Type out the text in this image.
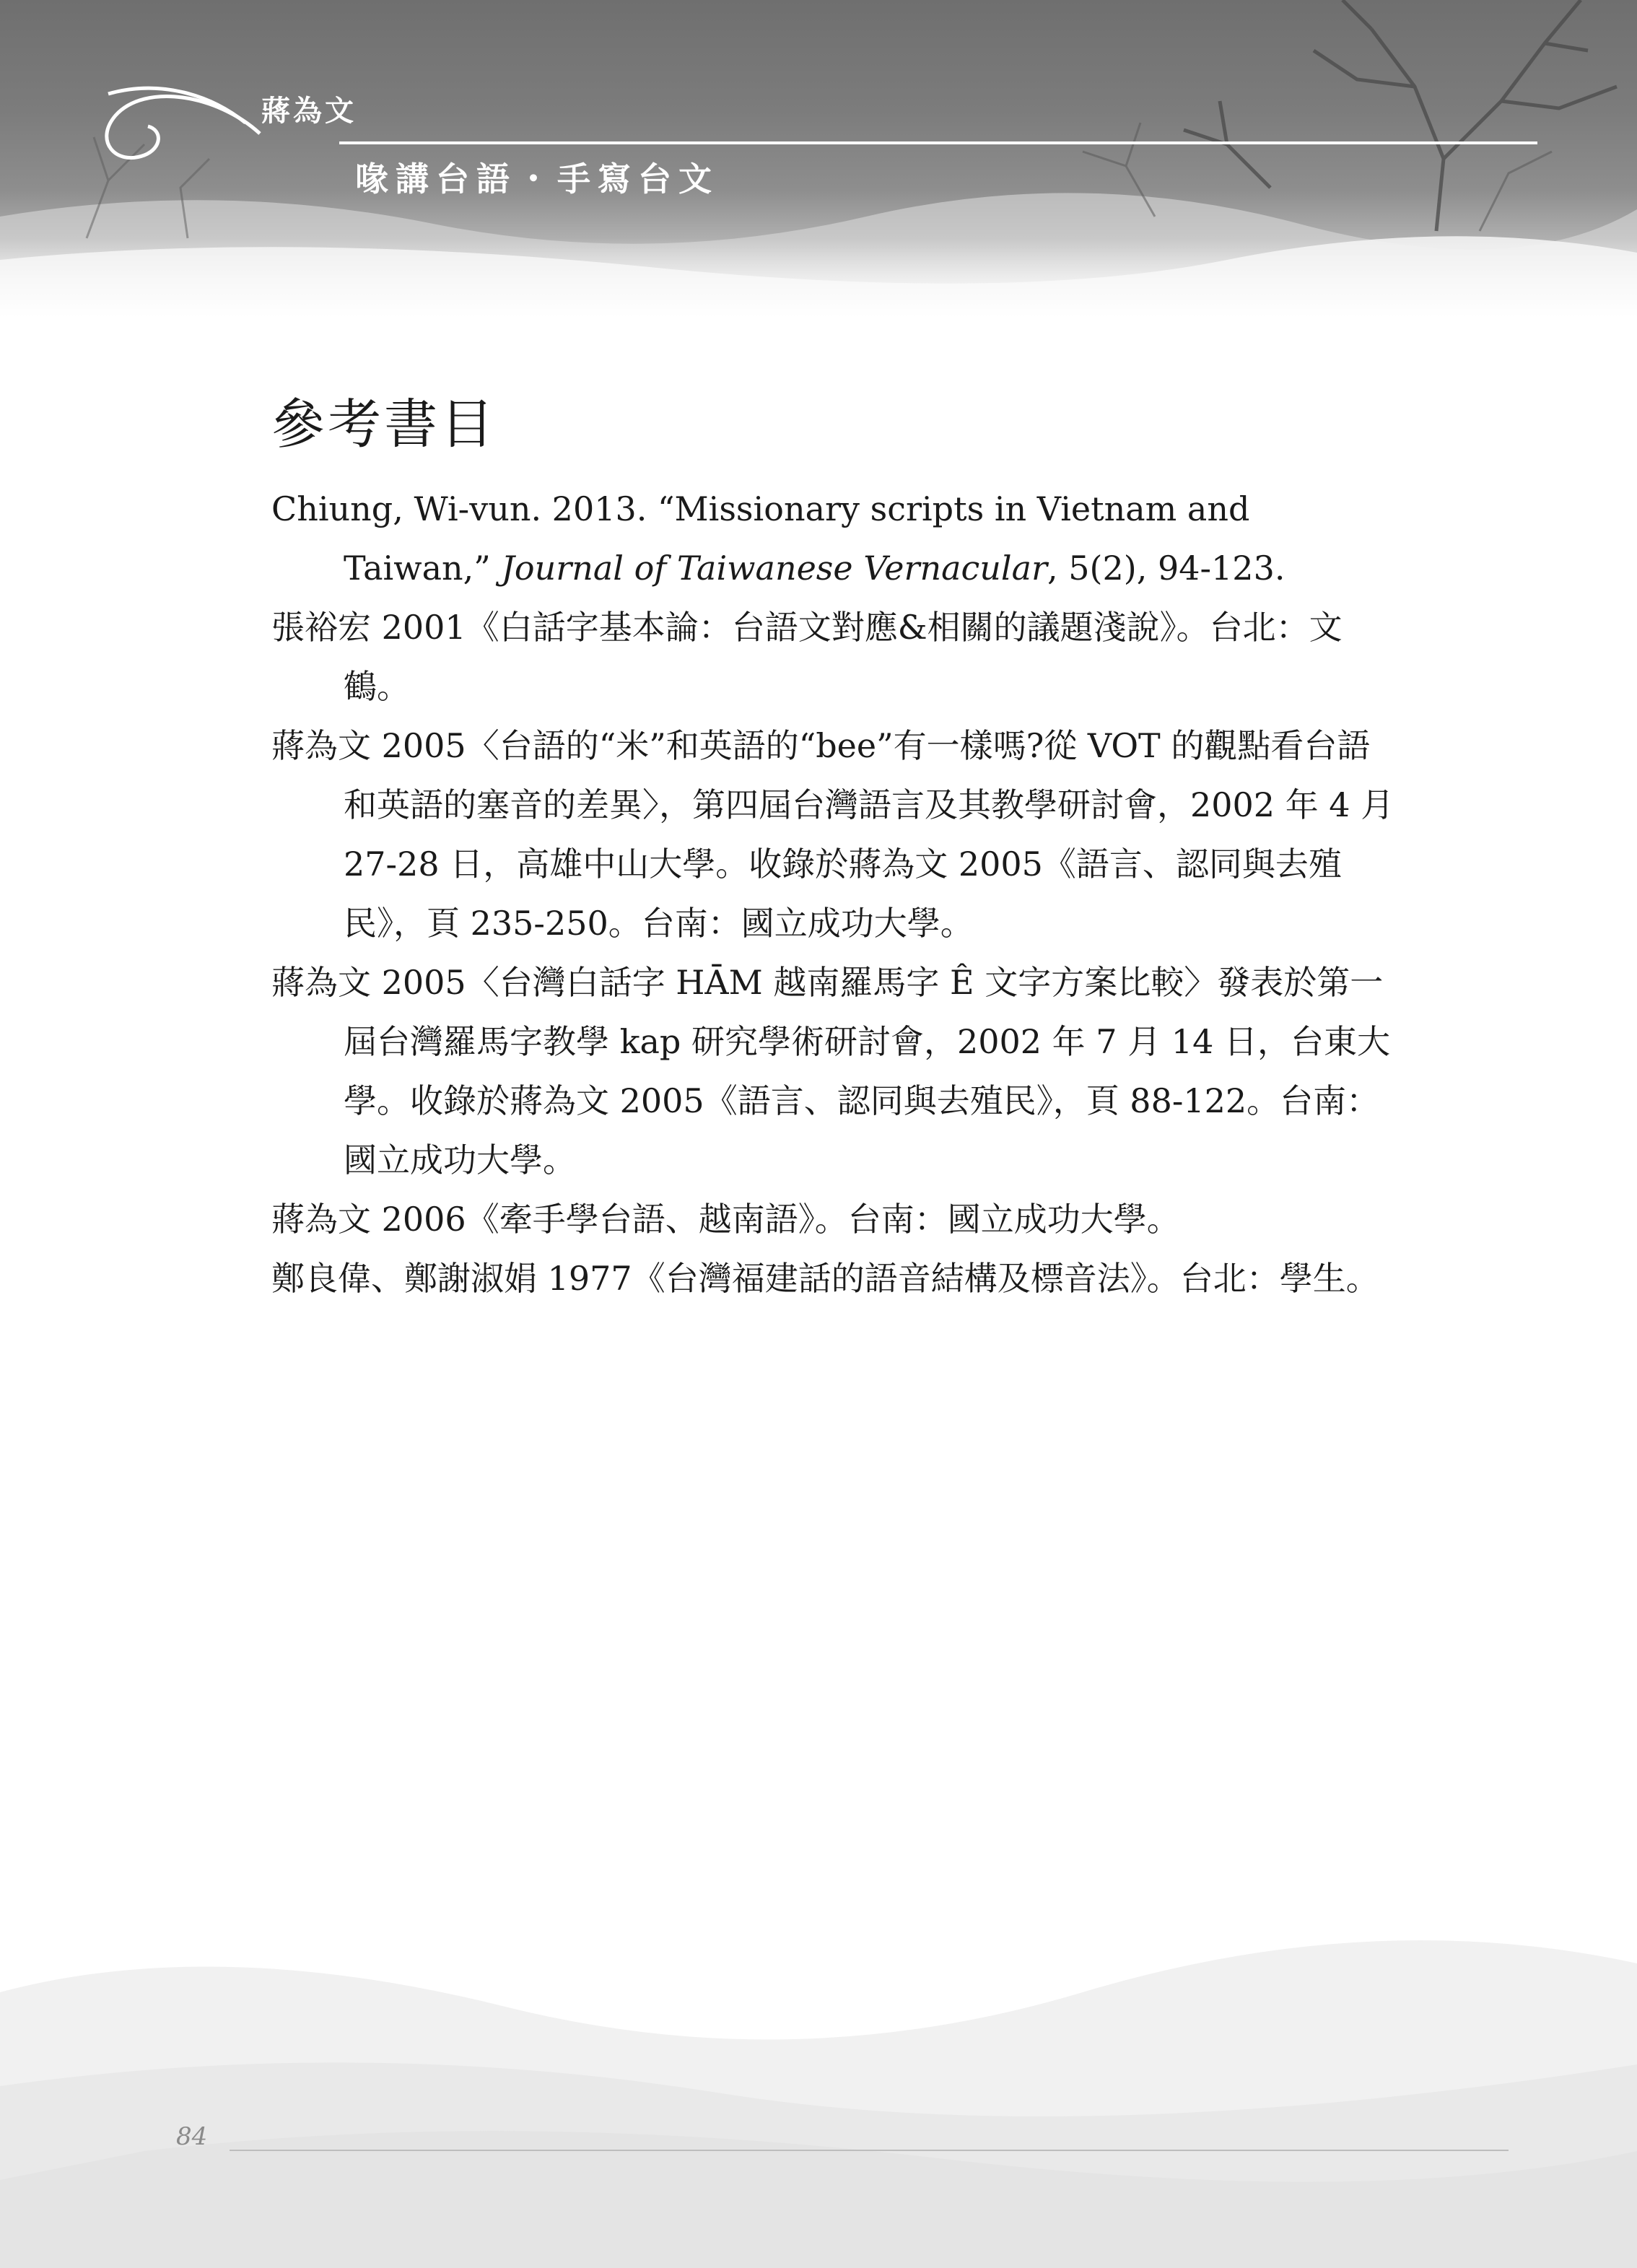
蔣為文
喙講台語・手寫台文
參考書目
Chiung, Wi-vun. 2013. “Missionary scripts in Vietnam and Taiwan,” Journal of Taiwanese Vernacular, 5(2), 94-123.
張裕宏 2001《白話字基本論：台語文對應&相關的議題淺說》。台北：文鶴。
蔣為文 2005〈台語的“米”和英語的“bee”有一樣嗎?從 VOT 的觀點看台語和英語的塞音的差異〉，第四屆台灣語言及其教學研討會，2002 年 4 月 27-28 日，高雄中山大學。收錄於蔣為文 2005《語言、認同與去殖民》，頁 235-250。台南：國立成功大學。
蔣為文 2005〈台灣白話字 HĀM 越南羅馬字 Ê 文字方案比較〉發表於第一屆台灣羅馬字教學 kap 研究學術研討會，2002 年 7 月 14 日，台東大學。收錄於蔣為文 2005《語言、認同與去殖民》，頁 88-122。台南：國立成功大學。
蔣為文 2006《牽手學台語、越南語》。台南：國立成功大學。
鄭良偉、鄭謝淑娟 1977《台灣福建話的語音結構及標音法》。台北：學生。
84
